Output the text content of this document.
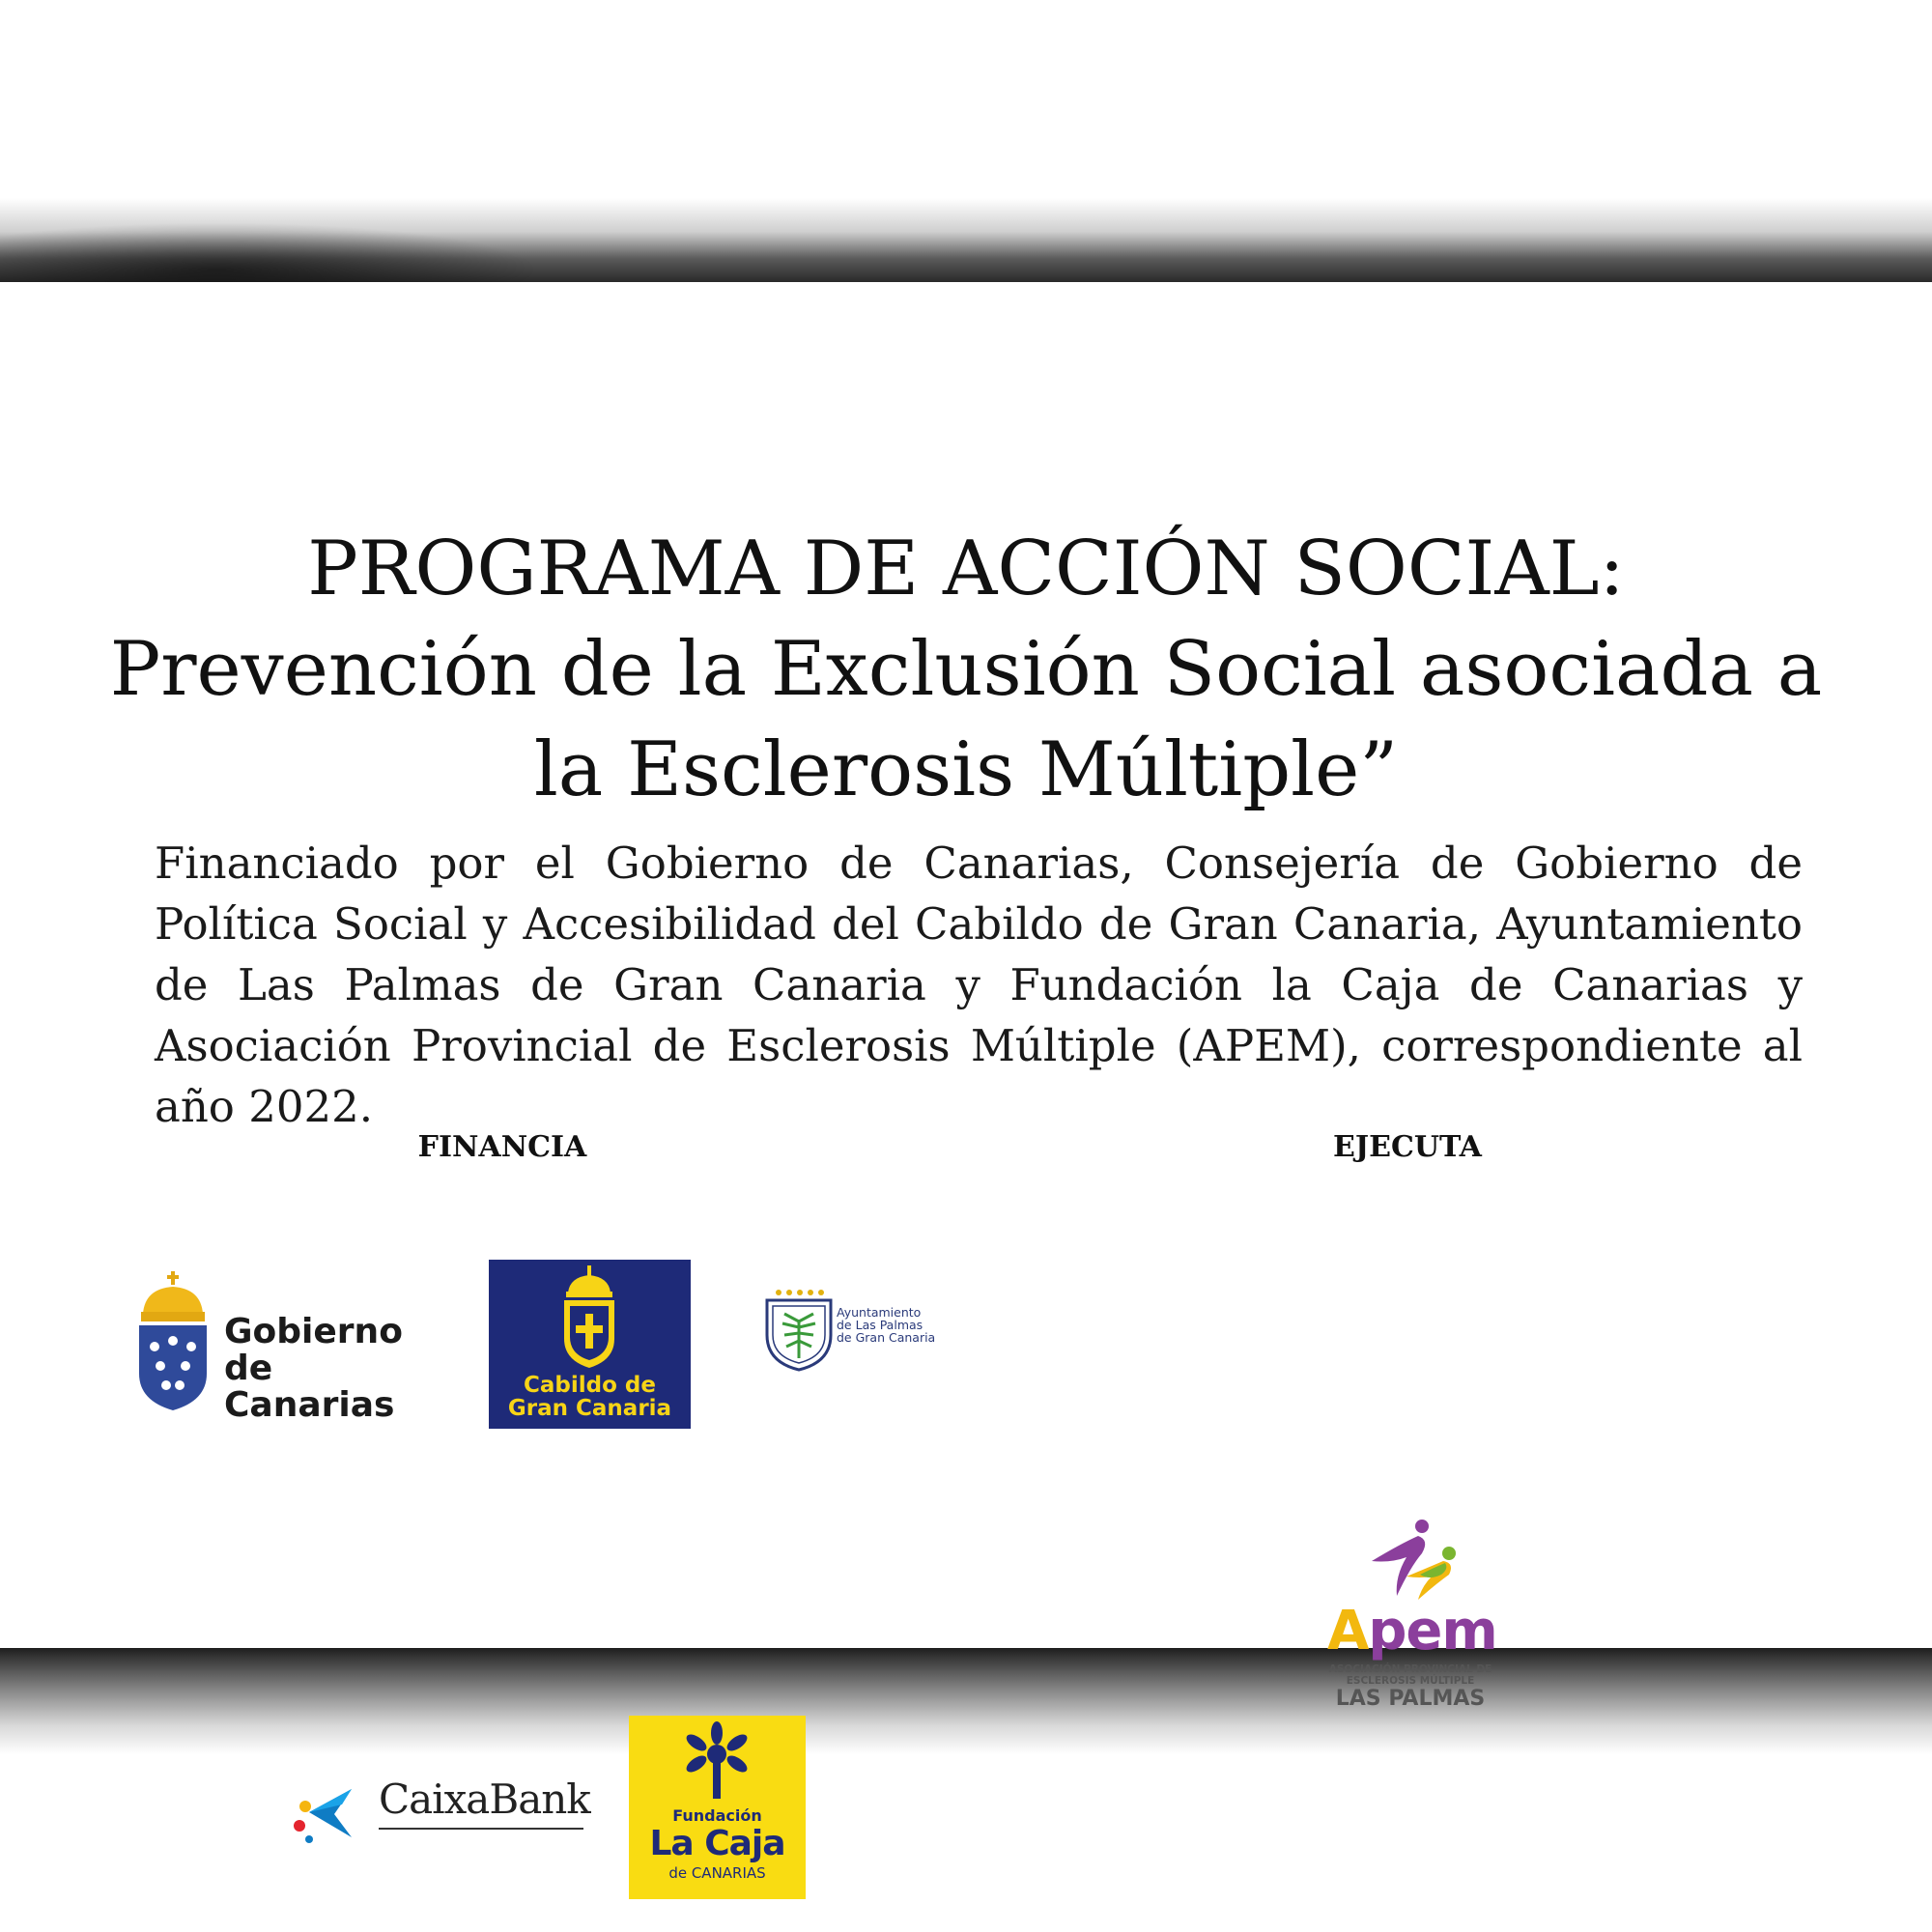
PROGRAMA DE ACCIÓN SOCIAL:
Prevención de la Exclusión Social asociada a
la Esclerosis Múltiple”
Financiado por el Gobierno de Canarias, Consejería de Gobierno de Política Social y Accesibilidad del Cabildo de Gran Canaria, Ayuntamiento de Las Palmas de Gran Canaria y Fundación la Caja de Canarias y Asociación Provincial de Esclerosis Múltiple (APEM), correspondiente al año 2022.
FINANCIA	EJECUTA
Gobierno
de Canarias	Cabildo de
Gran Canaria
Ayuntamiento
de Las Palmas
de Gran Canaria
CaixaBank	Fundación
La Caja
de CANARIAS
Apem
ASOCIACIÓN PROVINCIAL DE
ESCLEROSIS MÚLTIPLE
LAS PALMAS
